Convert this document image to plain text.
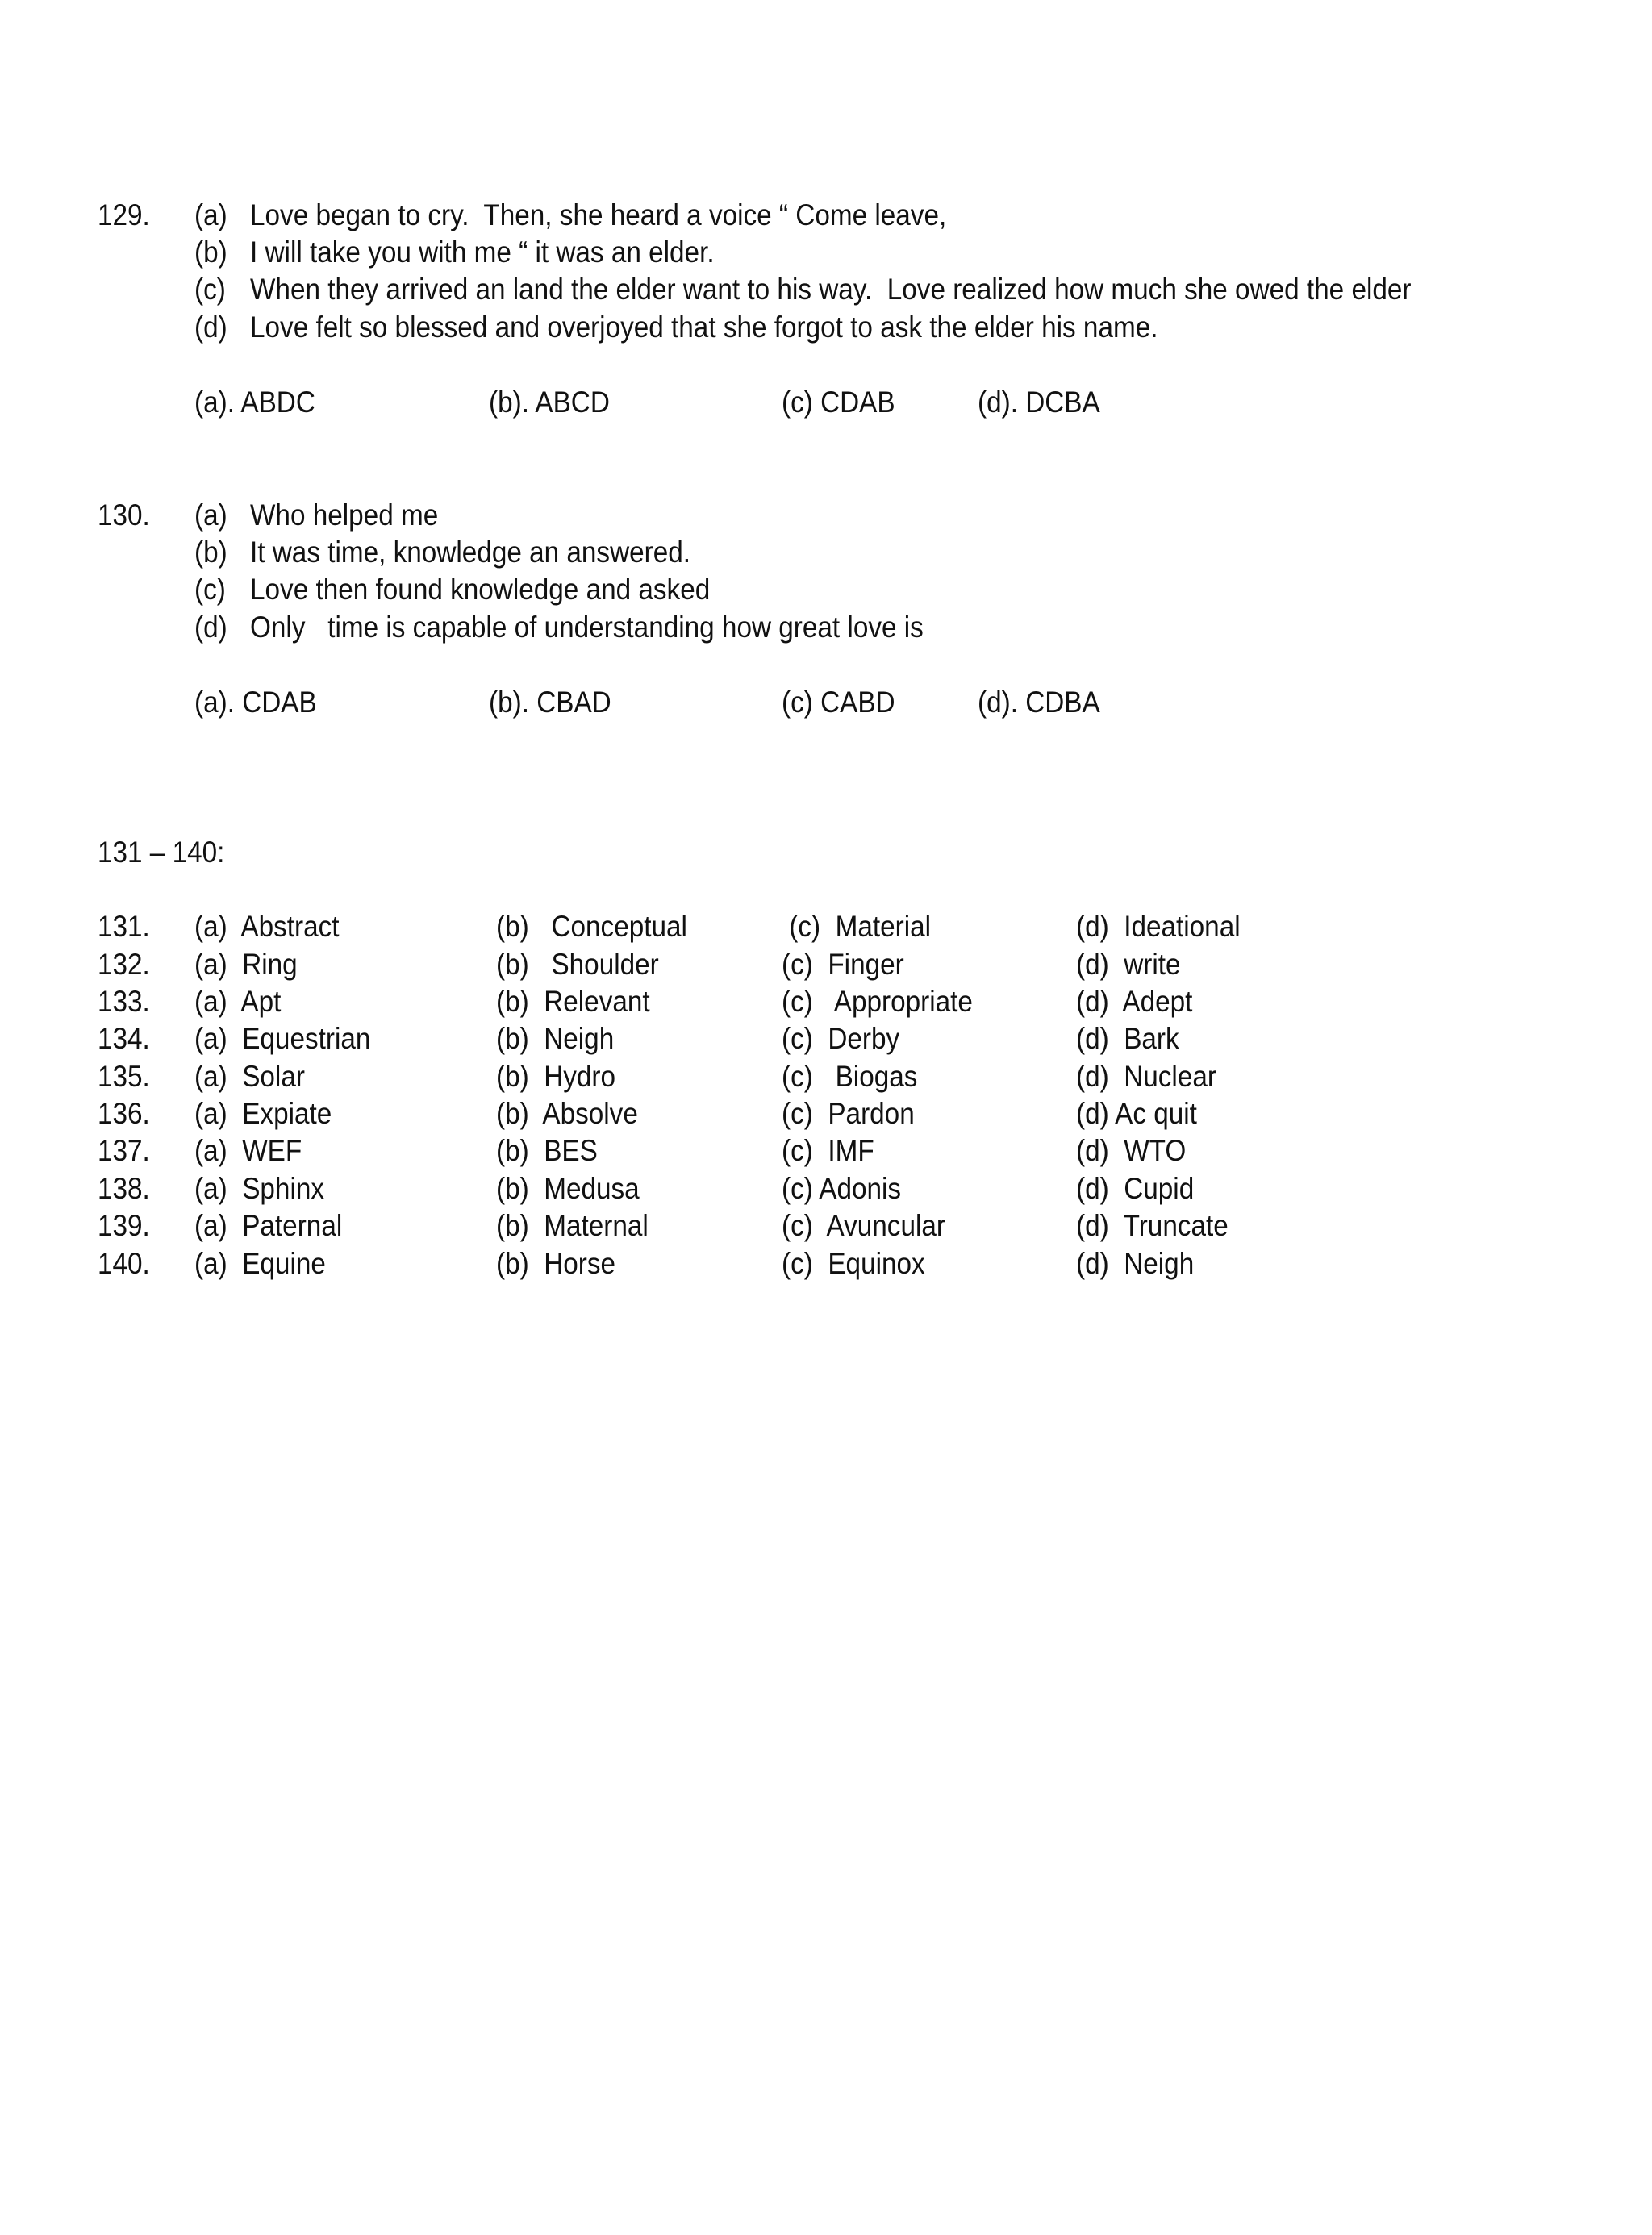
129. (a) Love began to cry.  Then, she heard a voice “ Come leave,
(b) I will take you with me “ it was an elder.
(c) When they arrived an land the elder want to his way.  Love realized how much she owed the elder
(d) Love felt so blessed and overjoyed that she forgot to ask the elder his name.
(a). ABDC	(b). ABCD	(c) CDAB	(d). DCBA
130. (a) Who helped me
(b) It was time, knowledge an answered.
(c) Love then found knowledge and asked
(d) Only   time is capable of understanding how great love is
(a). CDAB	(b). CBAD	(c) CABD	(d). CDBA
131 – 140:
131. (a)  Abstract	(b)   Conceptual	(c)  Material	(d)  Ideational
132. (a)  Ring	(b)   Shoulder	(c)  Finger	(d)  write
133. (a)  Apt	(b)  Relevant	(c)   Appropriate	(d)  Adept
134. (a)  Equestrian	(b)  Neigh	(c)  Derby	(d)  Bark
135. (a)  Solar	(b)  Hydro	(c)   Biogas	(d)  Nuclear
136. (a)  Expiate	(b)  Absolve	(c)  Pardon	(d) Ac quit
137. (a)  WEF	(b)  BES	(c)  IMF	(d)  WTO
138. (a)  Sphinx	(b)  Medusa	(c) Adonis	(d)  Cupid
139. (a)  Paternal	(b)  Maternal	(c)  Avuncular	(d)  Truncate
140. (a)  Equine	(b)  Horse	(c)  Equinox	(d)  Neigh
